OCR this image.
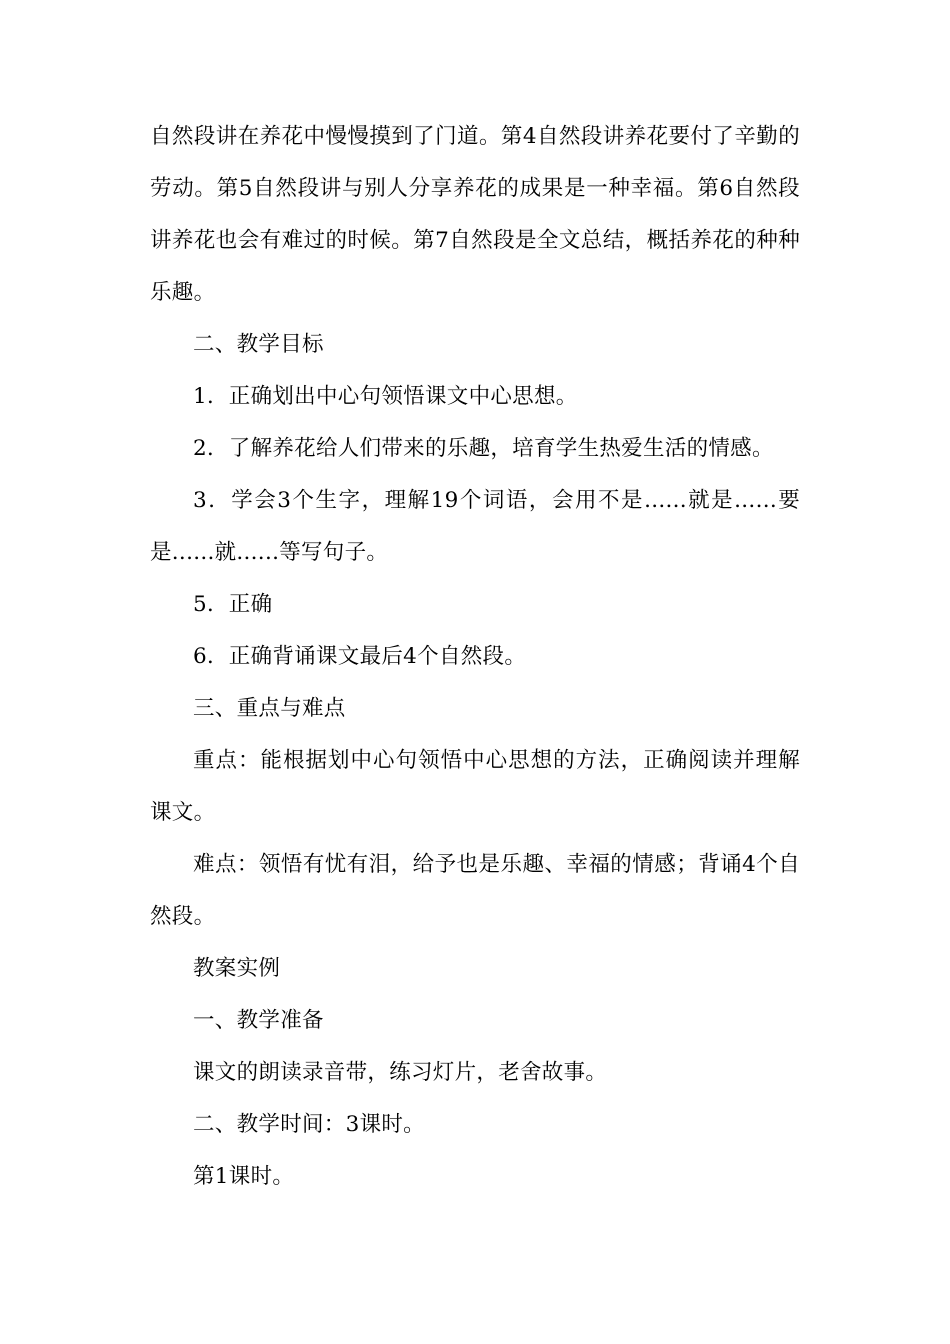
自然段讲在养花中慢慢摸到了门道。第4自然段讲养花要付了辛勤的劳动。第5自然段讲与别人分享养花的成果是一种幸福。第6自然段讲养花也会有难过的时候。第7自然段是全文总结，概括养花的种种乐趣。

二、教学目标

1．正确划出中心句领悟课文中心思想。

2．了解养花给人们带来的乐趣，培育学生热爱生活的情感。

3．学会3个生字，理解19个词语，会用不是......就是......要是......就......等写句子。

5．正确

6．正确背诵课文最后4个自然段。

三、重点与难点

重点：能根据划中心句领悟中心思想的方法，正确阅读并理解课文。

难点：领悟有忧有泪，给予也是乐趣、幸福的情感；背诵4个自然段。

教案实例

一、教学准备

课文的朗读录音带，练习灯片，老舍故事。

二、教学时间：3课时。

第1课时。
